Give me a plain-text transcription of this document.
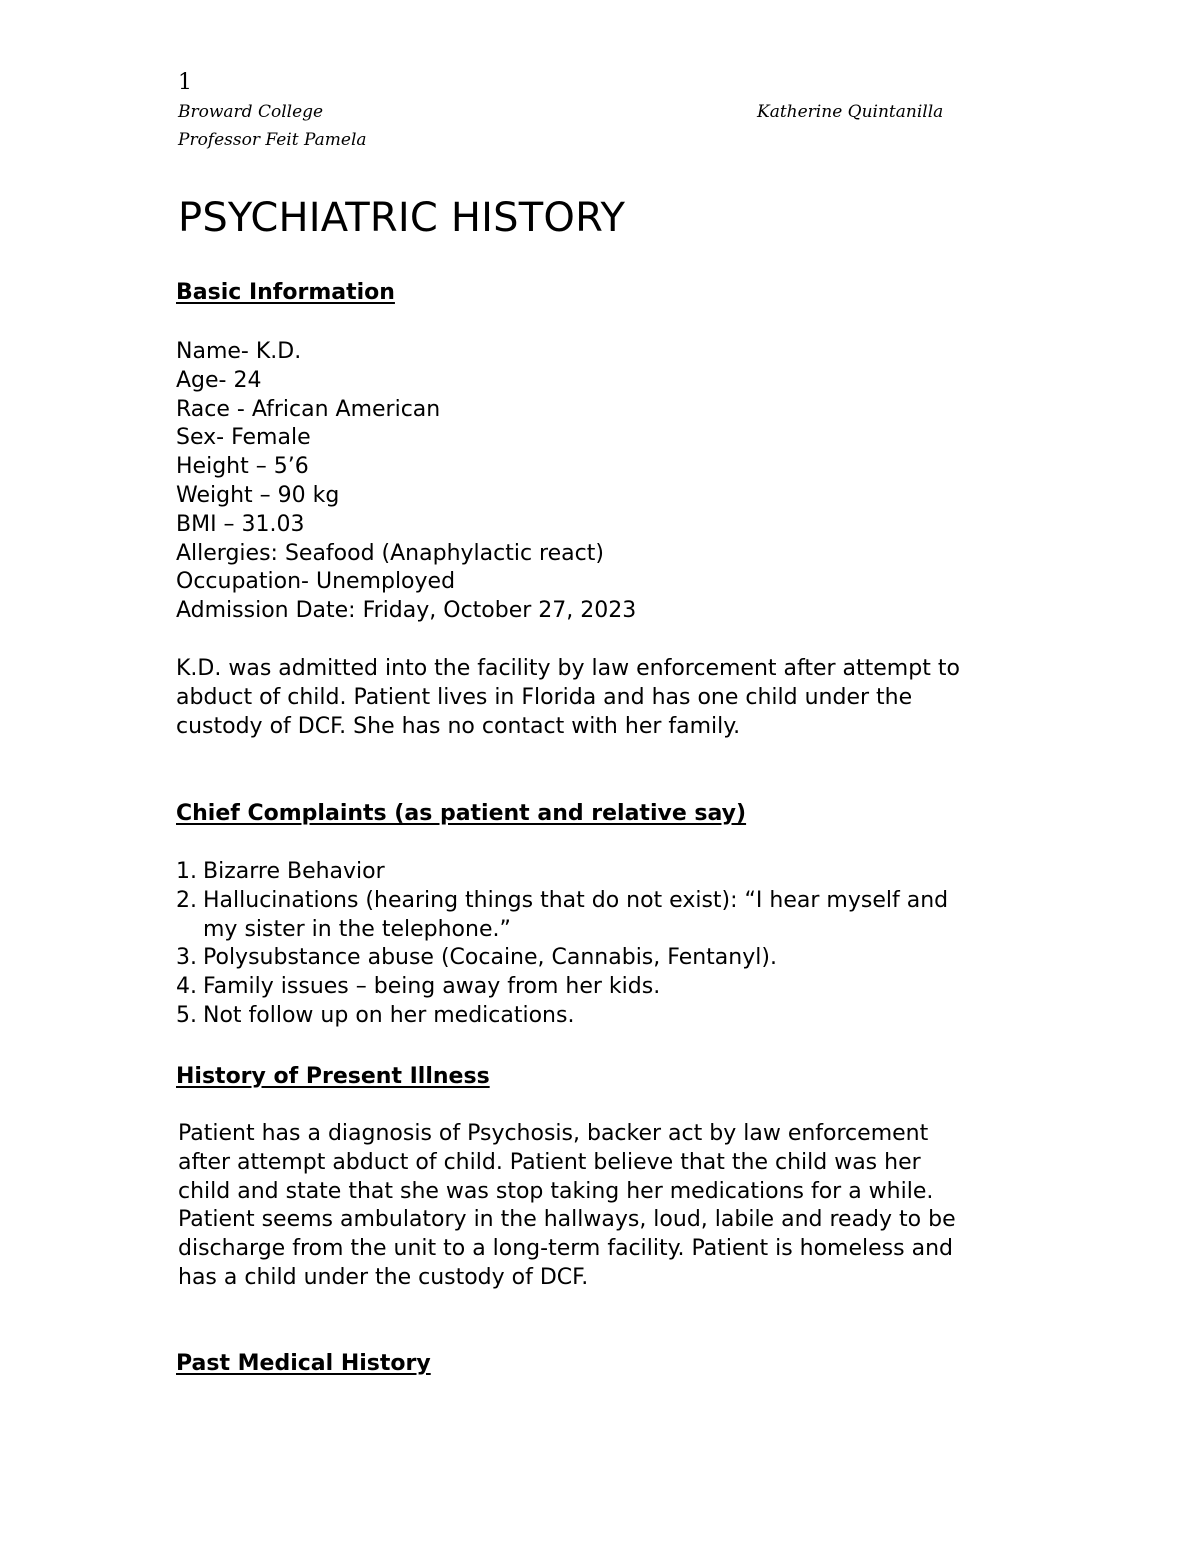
1
Broward College	Katherine Quintanilla
Professor Feit Pamela
PSYCHIATRIC HISTORY
Basic Information
Name- K.D.
Age- 24
Race - African American
Sex- Female
Height – 5’6
Weight – 90 kg
BMI – 31.03
Allergies: Seafood (Anaphylactic react)
Occupation- Unemployed
Admission Date: Friday, October 27, 2023

K.D. was admitted into the facility by law enforcement after attempt to
abduct of child. Patient lives in Florida and has one child under the
custody of DCF. She has no contact with her family.

Chief Complaints (as patient and relative say)
1. Bizarre Behavior
2. Hallucinations (hearing things that do not exist): “I hear myself and
my sister in the telephone.”
3. Polysubstance abuse (Cocaine, Cannabis, Fentanyl).
4. Family issues – being away from her kids.
5. Not follow up on her medications.
History of Present Illness

Patient has a diagnosis of Psychosis, backer act by law enforcement
after attempt abduct of child. Patient believe that the child was her
child and state that she was stop taking her medications for a while.
Patient seems ambulatory in the hallways, loud, labile and ready to be
discharge from the unit to a long-term facility. Patient is homeless and
has a child under the custody of DCF.

Past Medical History
